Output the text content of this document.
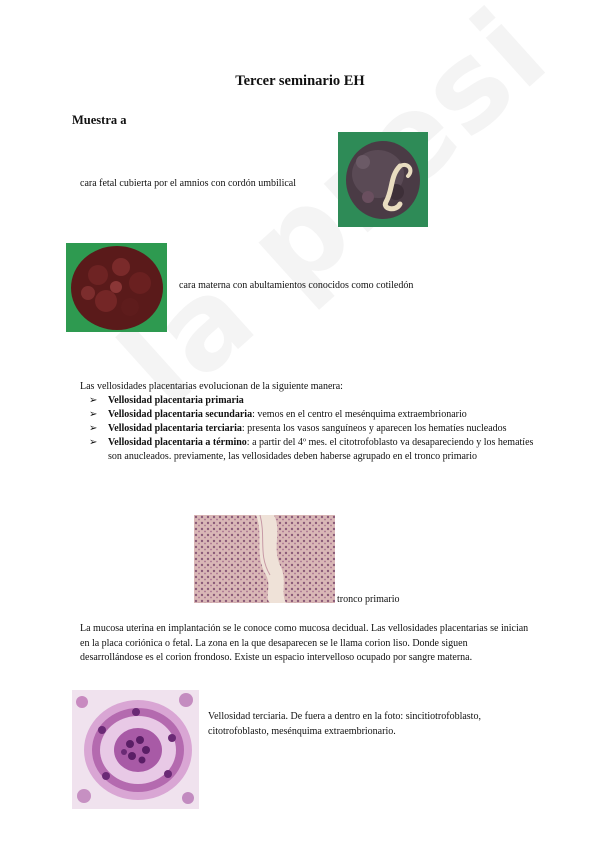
Tercer seminario EH
Muestra a
cara fetal cubierta por el amnios con cordón umbilical
cara materna con abultamientos conocidos como cotiledón
Las vellosidades placentarias evolucionan de la siguiente manera:
➢ Vellosidad placentaria primaria
➢ Vellosidad placentaria secundaria: vemos en el centro el mesénquima extraembrionario
➢ Vellosidad placentaria terciaria: presenta los vasos sanguíneos y aparecen los hematíes nucleados
➢ Vellosidad placentaria a término: a partir del 4º mes. el citotrofoblasto va desapareciendo y los hematíes son anucleados. previamente, las vellosidades deben haberse agrupado en el tronco primario
tronco primario
La mucosa uterina en implantación se le conoce como mucosa decidual. Las vellosidades placentarias se inician en la placa coriónica o fetal. La zona en la que desaparecen se le llama corion liso. Donde siguen desarrollándose es el corion frondoso. Existe un espacio intervelloso ocupado por sangre materna.
Vellosidad terciaria. De fuera a dentro en la foto: sincitiotrofoblasto, citotrofoblasto, mesénquima extraembrionario.
